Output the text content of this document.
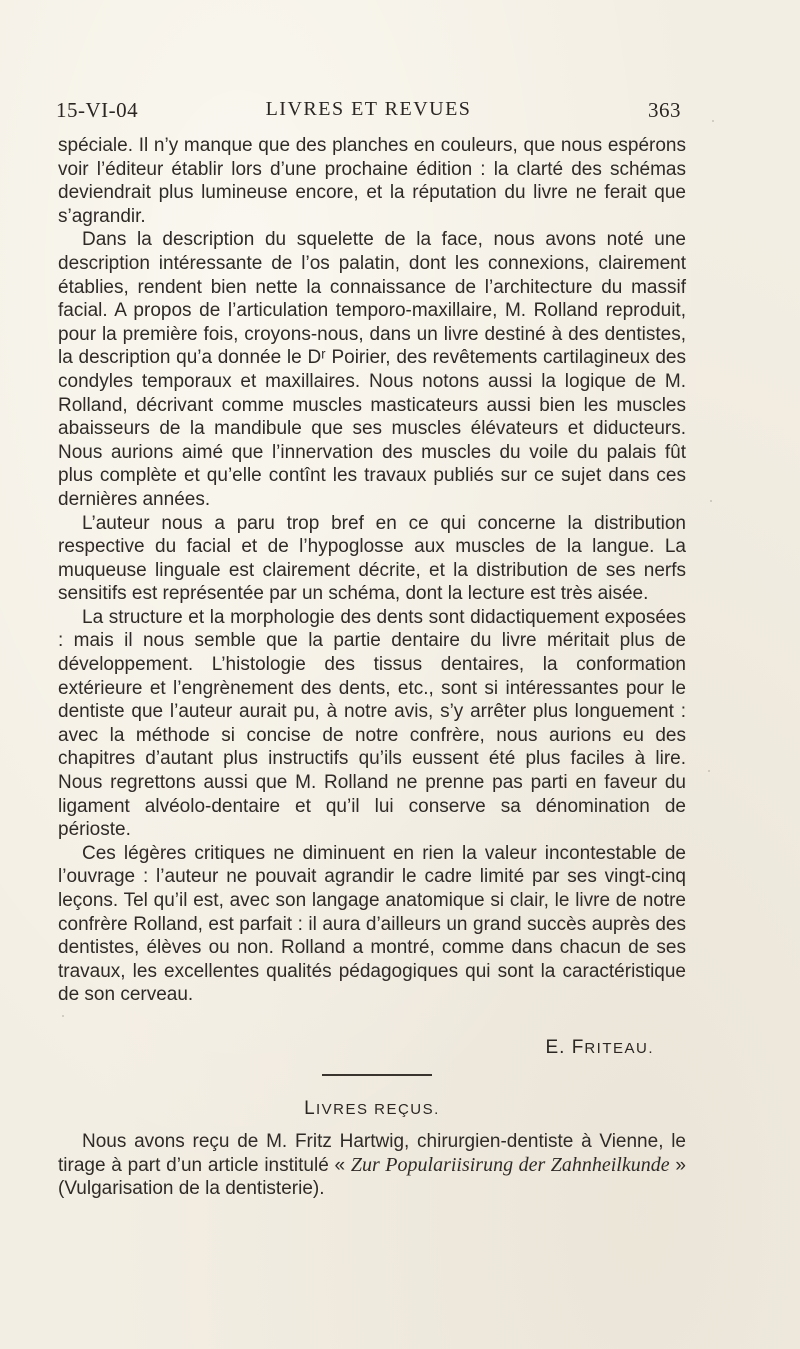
15-VI-04	LIVRES ET REVUES	363

spéciale. Il n’y manque que des planches en couleurs, que nous espérons voir l’éditeur établir lors d’une prochaine édition : la clarté des schémas deviendrait plus lumineuse encore, et la réputation du livre ne ferait que s’agrandir.

Dans la description du squelette de la face, nous avons noté une description intéressante de l’os palatin, dont les connexions, clairement établies, rendent bien nette la connaissance de l’architecture du massif facial. A propos de l’articulation temporo-maxillaire, M. Rolland reproduit, pour la première fois, croyons-nous, dans un livre destiné à des dentistes, la description qu’a donnée le Dʳ Poirier, des revêtements cartilagineux des condyles temporaux et maxillaires. Nous notons aussi la logique de M. Rolland, décrivant comme muscles masticateurs aussi bien les muscles abaisseurs de la mandibule que ses muscles élévateurs et diducteurs. Nous aurions aimé que l’innervation des muscles du voile du palais fût plus complète et qu’elle contînt les travaux publiés sur ce sujet dans ces dernières années.

L’auteur nous a paru trop bref en ce qui concerne la distribution respective du facial et de l’hypoglosse aux muscles de la langue. La muqueuse linguale est clairement décrite, et la distribution de ses nerfs sensitifs est représentée par un schéma, dont la lecture est très aisée.

La structure et la morphologie des dents sont didactiquement exposées : mais il nous semble que la partie dentaire du livre méritait plus de développement. L’histologie des tissus dentaires, la conformation extérieure et l’engrènement des dents, etc., sont si intéressantes pour le dentiste que l’auteur aurait pu, à notre avis, s’y arrêter plus longuement : avec la méthode si concise de notre confrère, nous aurions eu des chapitres d’autant plus instructifs qu’ils eussent été plus faciles à lire. Nous regrettons aussi que M. Rolland ne prenne pas parti en faveur du ligament alvéolo-dentaire et qu’il lui conserve sa dénomination de périoste.

Ces légères critiques ne diminuent en rien la valeur incontestable de l’ouvrage : l’auteur ne pouvait agrandir le cadre limité par ses vingt-cinq leçons. Tel qu’il est, avec son langage anatomique si clair, le livre de notre confrère Rolland, est parfait : il aura d’ailleurs un grand succès auprès des dentistes, élèves ou non. Rolland a montré, comme dans chacun de ses travaux, les excellentes qualités pédagogiques qui sont la caractéristique de son cerveau.

E. FRITEAU.
LIVRES REÇUS.

Nous avons reçu de M. Fritz Hartwig, chirurgien-dentiste à Vienne, le tirage à part d’un article institulé « Zur Populariisirung der Zahnheilkunde » (Vulgarisation de la dentisterie).
